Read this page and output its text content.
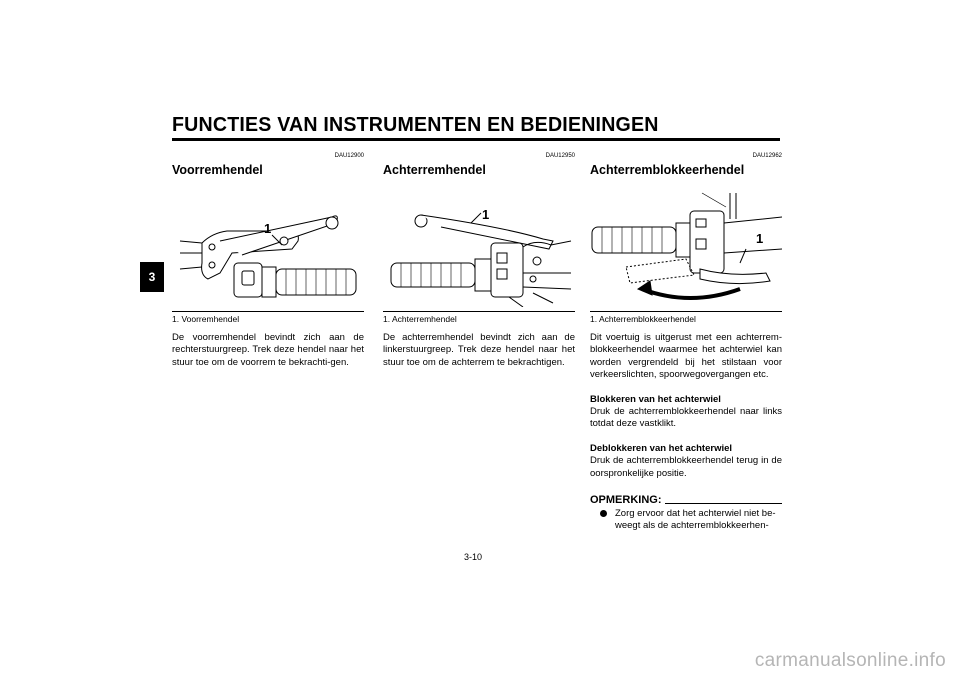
FUNCTIES VAN INSTRUMENTEN EN BEDIENINGEN
3
DAU12900
Voorremhendel
1
1. Voorremhendel
De voorremhendel bevindt zich aan de rechterstuurgreep. Trek deze hendel naar het stuur toe om de voorrem te bekrachti-gen.
DAU12950
Achterremhendel
1
1. Achterremhendel
De achterremhendel bevindt zich aan de linkerstuurgreep. Trek deze hendel naar het stuur toe om de achterrem te bekrachtigen.
DAU12962
Achterremblokkeerhendel
1
1. Achterremblokkeerhendel
Dit voertuig is uitgerust met een achterrem-blokkeerhendel waarmee het achterwiel kan worden vergrendeld bij het stilstaan voor verkeerslichten, spoorwegovergangen etc.
Blokkeren van het achterwiel
Druk de achterremblokkeerhendel naar links totdat deze vastklikt.
Deblokkeren van het achterwiel
Druk de achterremblokkeerhendel terug in de oorspronkelijke positie.
OPMERKING:
Zorg ervoor dat het achterwiel niet be-weegt als de achterremblokkeerhen-
3-10
carmanualsonline.info
